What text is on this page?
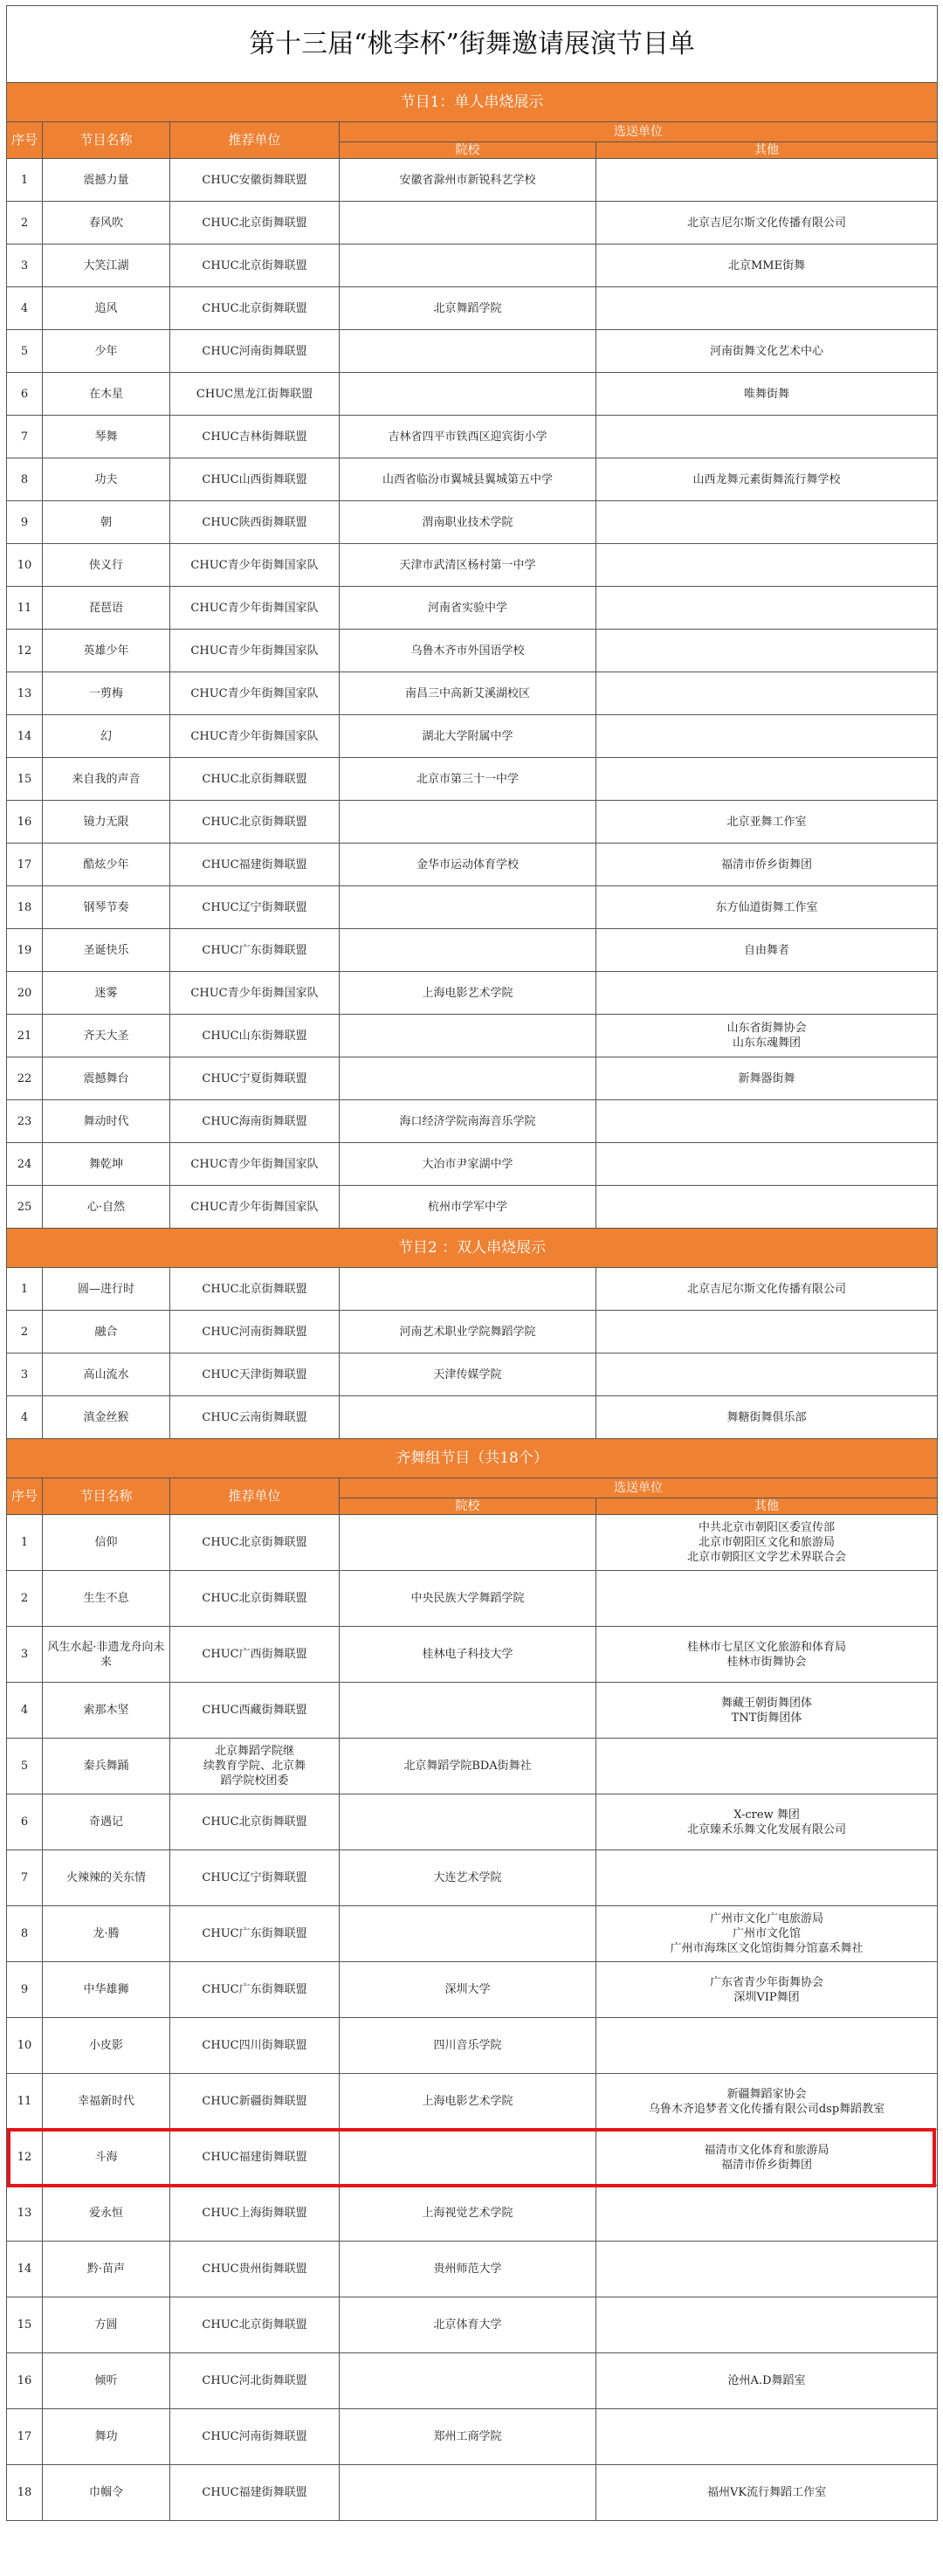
第十三届“桃李杯”街舞邀请展演节目单				
节目1：单人串烧展示				
序号	节目名称	推荐单位	选送单位	
			院校	其他
1	震撼力量	CHUC安徽街舞联盟	安徽省滁州市新锐科艺学校	
2	春风吹	CHUC北京街舞联盟		北京吉尼尔斯文化传播有限公司
3	大笑江湖	CHUC北京街舞联盟		北京MME街舞
4	追风	CHUC北京街舞联盟	北京舞蹈学院	
5	少年	CHUC河南街舞联盟		河南街舞文化艺术中心
6	在木星	CHUC黑龙江街舞联盟		唯舞街舞
7	琴舞	CHUC吉林街舞联盟	吉林省四平市铁西区迎宾街小学	
8	功夫	CHUC山西街舞联盟	山西省临汾市翼城县翼城第五中学	山西龙舞元素街舞流行舞学校
9	朝	CHUC陕西街舞联盟	渭南职业技术学院	
10	侠义行	CHUC青少年街舞国家队	天津市武清区杨村第一中学	
11	琵琶语	CHUC青少年街舞国家队	河南省实验中学	
12	英雄少年	CHUC青少年街舞国家队	乌鲁木齐市外国语学校	
13	一剪梅	CHUC青少年街舞国家队	南昌三中高新艾溪湖校区	
14	幻	CHUC青少年街舞国家队	湖北大学附属中学	
15	来自我的声音	CHUC北京街舞联盟	北京市第三十一中学	
16	镜力无限	CHUC北京街舞联盟		北京亚舞工作室
17	酷炫少年	CHUC福建街舞联盟	金华市运动体育学校	福清市侨乡街舞团
18	钢琴节奏	CHUC辽宁街舞联盟		东方仙道街舞工作室
19	圣诞快乐	CHUC广东街舞联盟		自由舞者
20	迷雾	CHUC青少年街舞国家队	上海电影艺术学院	
21	齐天大圣	CHUC山东街舞联盟		山东省街舞协会
山东东魂舞团
22	震撼舞台	CHUC宁夏街舞联盟		新舞器街舞
23	舞动时代	CHUC海南街舞联盟	海口经济学院南海音乐学院	
24	舞乾坤	CHUC青少年街舞国家队	大冶市尹家湖中学	
25	心·自然	CHUC青少年街舞国家队	杭州市学军中学	
节目2 ：双人串烧展示				
1	圆—进行时	CHUC北京街舞联盟		北京吉尼尔斯文化传播有限公司
2	融合	CHUC河南街舞联盟	河南艺术职业学院舞蹈学院	
3	高山流水	CHUC天津街舞联盟	天津传媒学院	
4	滇金丝猴	CHUC云南街舞联盟		舞糖街舞俱乐部
齐舞组节目（共18个）				
序号	节目名称	推荐单位	选送单位	
			院校	其他
1	信仰	CHUC北京街舞联盟		中共北京市朝阳区委宣传部
北京市朝阳区文化和旅游局
北京市朝阳区文学艺术界联合会
2	生生不息	CHUC北京街舞联盟	中央民族大学舞蹈学院	
3	风生水起·非遗龙舟向未来	CHUC广西街舞联盟	桂林电子科技大学	桂林市七星区文化旅游和体育局
桂林市街舞协会
4	索那木坚	CHUC西藏街舞联盟		舞藏王朝街舞团体
TNT街舞团体
5	秦兵舞踊	北京舞蹈学院继
续教育学院、北京舞
蹈学院校团委	北京舞蹈学院BDA街舞社	
6	奇遇记	CHUC北京街舞联盟		X-crew 舞团
北京臻禾乐舞文化发展有限公司
7	火辣辣的关东情	CHUC辽宁街舞联盟	大连艺术学院	
8	龙·腾	CHUC广东街舞联盟		广州市文化广电旅游局
广州市文化馆
广州市海珠区文化馆街舞分馆嘉禾舞社
9	中华雄狮	CHUC广东街舞联盟	深圳大学	广东省青少年街舞协会
深圳VIP舞团
10	小皮影	CHUC四川街舞联盟	四川音乐学院	
11	幸福新时代	CHUC新疆街舞联盟	上海电影艺术学院	新疆舞蹈家协会
乌鲁木齐追梦者文化传播有限公司dsp舞蹈教室
12	斗海	CHUC福建街舞联盟		福清市文化体育和旅游局
福清市侨乡街舞团
13	爱永恒	CHUC上海街舞联盟	上海视觉艺术学院	
14	黔·苗声	CHUC贵州街舞联盟	贵州师范大学	
15	方圆	CHUC北京街舞联盟	北京体育大学	
16	倾听	CHUC河北街舞联盟		沧州A.D舞蹈室
17	舞功	CHUC河南街舞联盟	郑州工商学院	
18	巾帼令	CHUC福建街舞联盟		福州VK流行舞蹈工作室
